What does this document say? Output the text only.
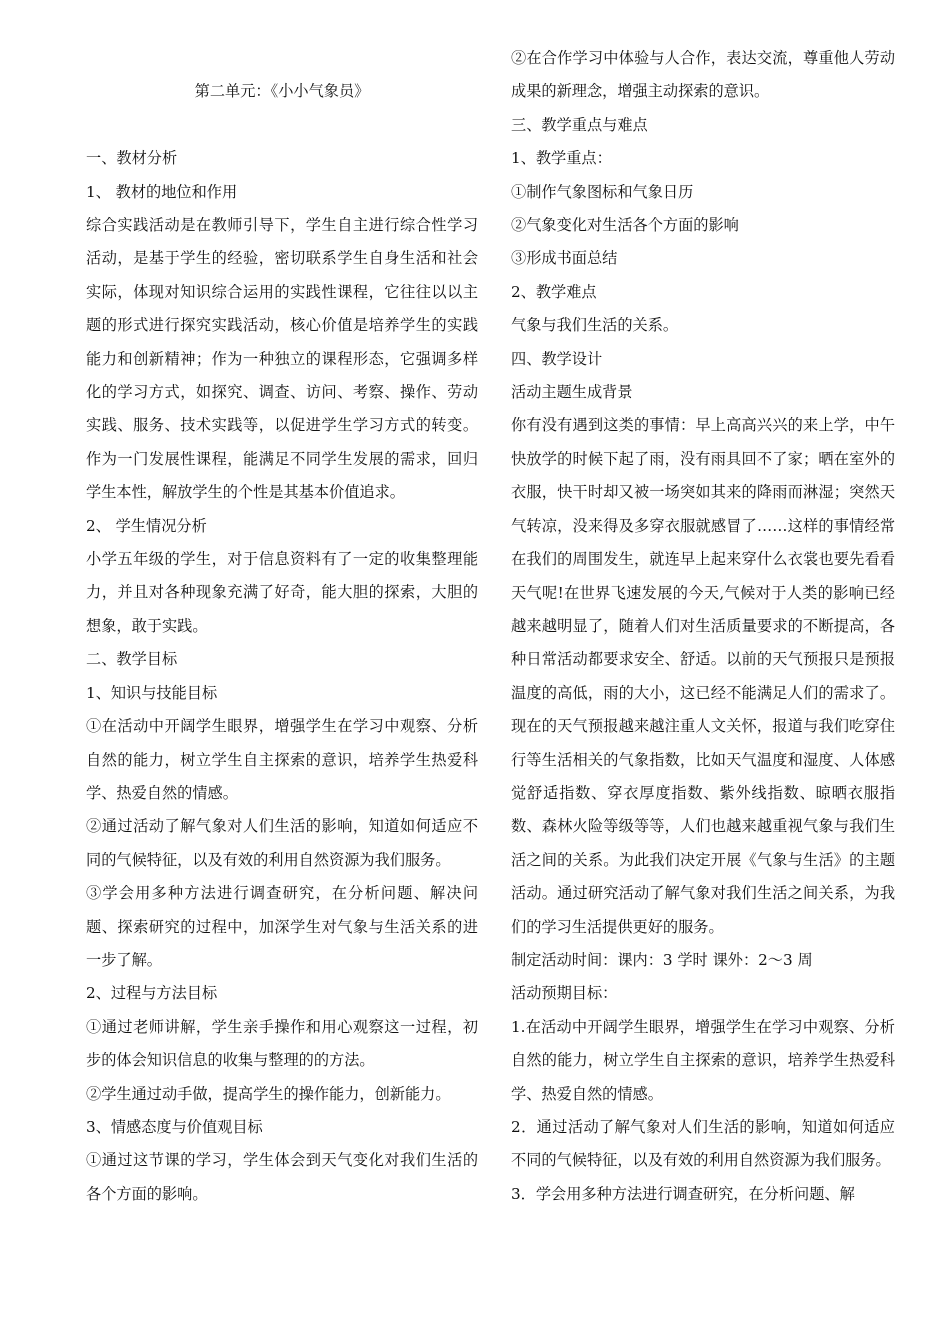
第二单元：《小小气象员》

一、教材分析

1、 教材的地位和作用

综合实践活动是在教师引导下，学生自主进行综合性学习活动，是基于学生的经验，密切联系学生自身生活和社会实际，体现对知识综合运用的实践性课程，它往往以以主题的形式进行探究实践活动，核心价值是培养学生的实践能力和创新精神；作为一种独立的课程形态，它强调多样化的学习方式，如探究、调查、访问、考察、操作、劳动实践、服务、技术实践等，以促进学生学习方式的转变。作为一门发展性课程，能满足不同学生发展的需求，回归学生本性，解放学生的个性是其基本价值追求。

2、 学生情况分析

小学五年级的学生，对于信息资料有了一定的收集整理能力，并且对各种现象充满了好奇，能大胆的探索，大胆的想象，敢于实践。

二、教学目标

1、知识与技能目标

①在活动中开阔学生眼界，增强学生在学习中观察、分析自然的能力，树立学生自主探索的意识，培养学生热爱科学、热爱自然的情感。

②通过活动了解气象对人们生活的影响，知道如何适应不同的气候特征，以及有效的利用自然资源为我们服务。

③学会用多种方法进行调查研究，在分析问题、解决问题、探索研究的过程中，加深学生对气象与生活关系的进一步了解。

2、过程与方法目标

①通过老师讲解，学生亲手操作和用心观察这一过程，初步的体会知识信息的收集与整理的的方法。

②学生通过动手做，提高学生的操作能力，创新能力。

3、情感态度与价值观目标

①通过这节课的学习，学生体会到天气变化对我们生活的各个方面的影响。

②在合作学习中体验与人合作，表达交流，尊重他人劳动成果的新理念，增强主动探索的意识。

三、教学重点与难点

1、教学重点：

①制作气象图标和气象日历

②气象变化对生活各个方面的影响

③形成书面总结

2、教学难点

气象与我们生活的关系。

四、教学设计

活动主题生成背景

你有没有遇到这类的事情：早上高高兴兴的来上学，中午快放学的时候下起了雨，没有雨具回不了家；晒在室外的衣服，快干时却又被一场突如其来的降雨而淋湿；突然天气转凉，没来得及多穿衣服就感冒了……这样的事情经常在我们的周围发生，就连早上起来穿什么衣裳也要先看看天气呢!在世界飞速发展的今天,气候对于人类的影响已经越来越明显了，随着人们对生活质量要求的不断提高，各种日常活动都要求安全、舒适。以前的天气预报只是预报温度的高低，雨的大小，这已经不能满足人们的需求了。现在的天气预报越来越注重人文关怀，报道与我们吃穿住行等生活相关的气象指数，比如天气温度和湿度、人体感觉舒适指数、穿衣厚度指数、紫外线指数、晾晒衣服指数、森林火险等级等等，人们也越来越重视气象与我们生活之间的关系。为此我们决定开展《气象与生活》的主题活动。通过研究活动了解气象对我们生活之间关系，为我们的学习生活提供更好的服务。

制定活动时间：课内：3 学时 课外：2～3 周

活动预期目标：

1.在活动中开阔学生眼界，增强学生在学习中观察、分析自然的能力，树立学生自主探索的意识，培养学生热爱科学、热爱自然的情感。

2．通过活动了解气象对人们生活的影响，知道如何适应不同的气候特征，以及有效的利用自然资源为我们服务。

3．学会用多种方法进行调查研究，在分析问题、解
